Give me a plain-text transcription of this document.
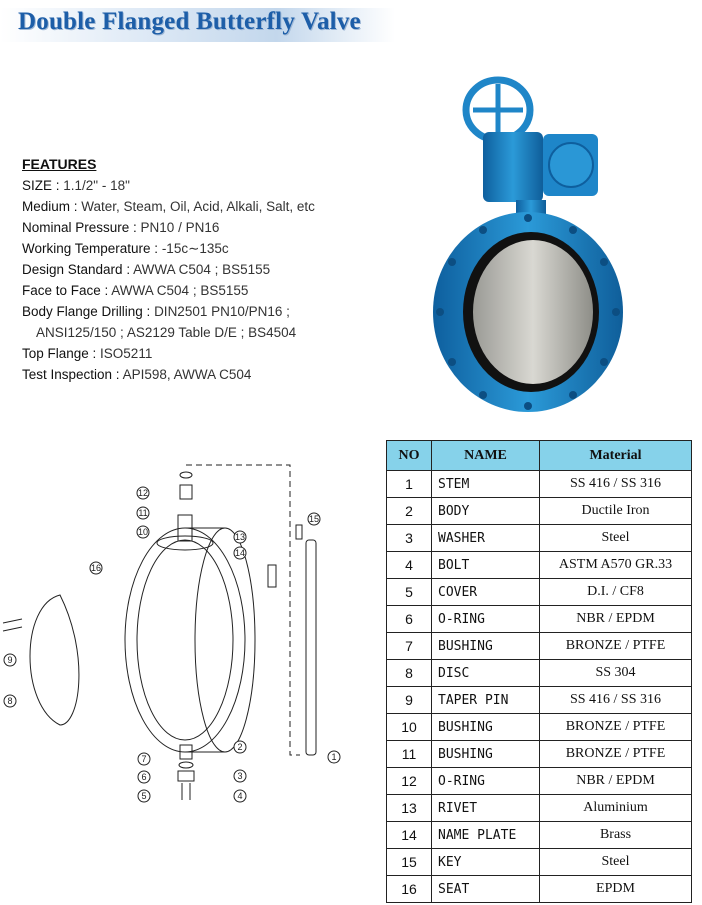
Double Flanged Butterfly Valve
FEATURES
SIZE : 1.1/2" - 18"
Medium : Water, Steam, Oil, Acid, Alkali, Salt, etc
Nominal Pressure : PN10 / PN16
Working Temperature : -15c∼135c
Design Standard : AWWA C504 ; BS5155
Face to Face : AWWA C504 ; BS5155
Body Flange Drilling : DIN2501 PN10/PN16 ;
ANSI125/150 ; AS2129 Table D/E ; BS4504
Top Flange : ISO5211
Test Inspection : API598, AWWA C504
12
11
10
16
13
14
15
9
8
7
6
5
3
4
2
1
NO	NAME	Material
1	STEM	SS 416 / SS 316
2	BODY	Ductile Iron
3	WASHER	Steel
4	BOLT	ASTM A570 GR.33
5	COVER	D.I. / CF8
6	O-RING	NBR / EPDM
7	BUSHING	BRONZE / PTFE
8	DISC	SS 304
9	TAPER PIN	SS 416 / SS 316
10	BUSHING	BRONZE / PTFE
11	BUSHING	BRONZE / PTFE
12	O-RING	NBR / EPDM
13	RIVET	Aluminium
14	NAME PLATE	Brass
15	KEY	Steel
16	SEAT	EPDM
